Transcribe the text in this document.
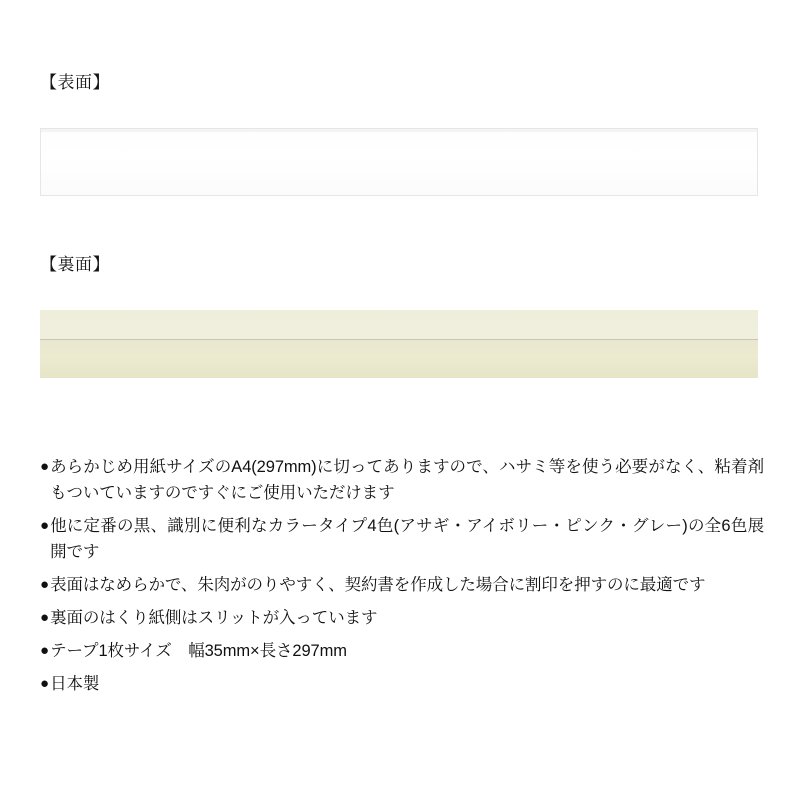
【表面】
【裏面】
● あらかじめ用紙サイズのA4(297mm)に切ってありますので、ハサミ等を使う必要がなく、粘着剤もついていますのですぐにご使用いただけます
● 他に定番の黒、識別に便利なカラータイプ4色(アサギ・アイボリー・ピンク・グレー)の全6色展開です
● 表面はなめらかで、朱肉がのりやすく、契約書を作成した場合に割印を押すのに最適です
● 裏面のはくり紙側はスリットが入っています
● テープ1枚サイズ　幅35mm×長さ297mm
● 日本製
